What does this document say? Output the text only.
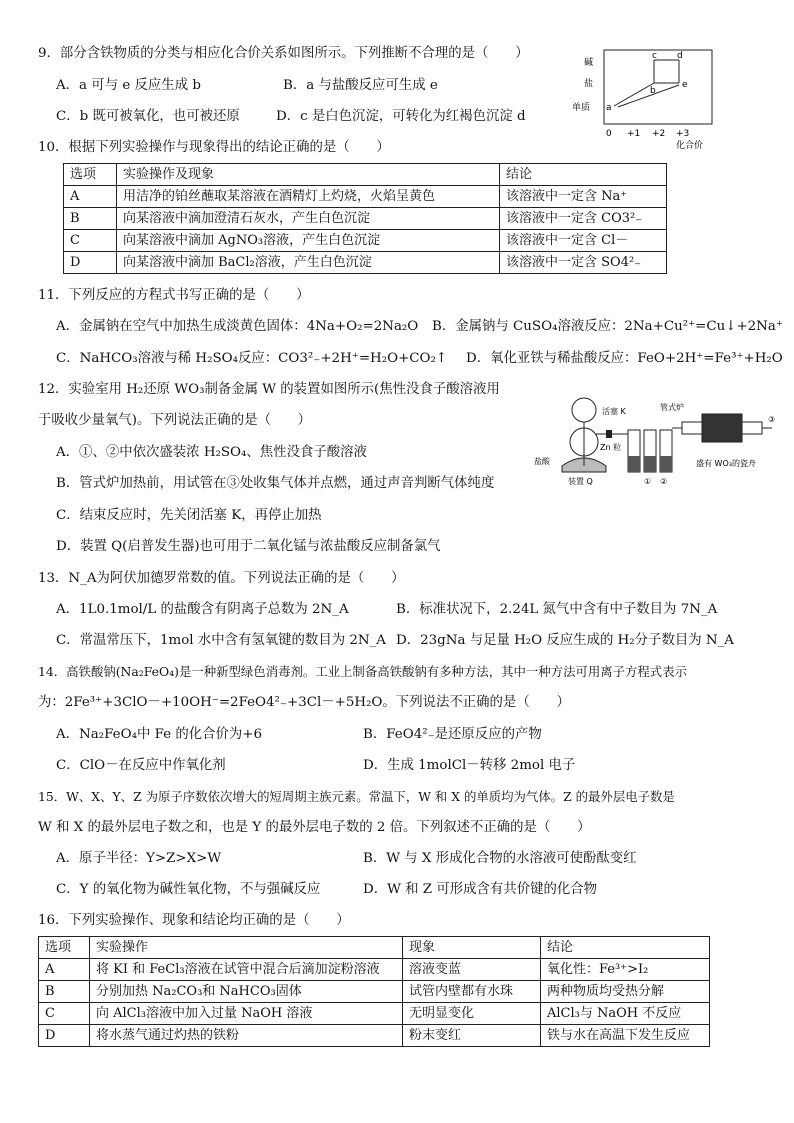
9．部分含铁物质的分类与相应化合价关系如图所示。下列推断不合理的是（　　）
A．a 可与 e 反应生成 b	B．a 与盐酸反应可生成 e
C．b 既可被氧化，也可被还原	D．c 是白色沉淀，可转化为红褐色沉淀 d
碱
盐
单质 a
b
c d
e
0 +1 +2 +3
化合价
10．根据下列实验操作与现象得出的结论正确的是（　　）
选项	实验操作及现象	结论
A	用洁净的铂丝蘸取某溶液在酒精灯上灼烧，火焰呈黄色	该溶液中一定含 Na⁺
B	向某溶液中滴加澄清石灰水，产生白色沉淀	该溶液中一定含 CO3²₋
C	向某溶液中滴加 AgNO₃溶液，产生白色沉淀	该溶液中一定含 Cl－
D	向某溶液中滴加 BaCl₂溶液，产生白色沉淀	该溶液中一定含 SO4²₋
11．下列反应的方程式书写正确的是（　　）
A．金属钠在空气中加热生成淡黄色固体：4Na+O₂=2Na₂O B．金属钠与 CuSO₄溶液反应：2Na+Cu²⁺=Cu↓+2Na⁺
C．NaHCO₃溶液与稀 H₂SO₄反应：CO3²₋+2H⁺=H₂O+CO₂↑ D．氧化亚铁与稀盐酸反应：FeO+2H⁺=Fe³⁺+H₂O
12．实验室用 H₂还原 WO₃制备金属 W 的装置如图所示(焦性没食子酸溶液用
于吸收少量氧气)。下列说法正确的是（　　）
A．①、②中依次盛装浓 H₂SO₄、焦性没食子酸溶液
B．管式炉加热前，用试管在③处收集气体并点燃，通过声音判断气体纯度
C．结束反应时，先关闭活塞 K，再停止加热
D．装置 Q(启普发生器)也可用于二氧化锰与浓盐酸反应制备氯气
管式炉
活塞 K
Zn 粒
盐酸
装置 Q	① ②
③
盛有 WO₃的瓷舟
13．N_A为阿伏加德罗常数的值。下列说法正确的是（　　）
A．1L0.1mol/L 的盐酸含有阴离子总数为 2N_A	B．标准状况下，2.24L 氮气中含有中子数目为 7N_A
C．常温常压下，1mol 水中含有氢氧键的数目为 2N_A D．23gNa 与足量 H₂O 反应生成的 H₂分子数目为 N_A
14．高铁酸钠(Na₂FeO₄)是一种新型绿色消毒剂。工业上制备高铁酸钠有多种方法，其中一种方法可用离子方程式表示
为：2Fe³⁺+3ClO－+10OH⁻=2FeO4²₋+3Cl－+5H₂O。下列说法不正确的是（　　）
A．Na₂FeO₄中 Fe 的化合价为+6	B．FeO4²₋是还原反应的产物
C．ClO－在反应中作氧化剂	D．生成 1molCl－转移 2mol 电子
15．W、X、Y、Z 为原子序数依次增大的短周期主族元素。常温下，W 和 X 的单质均为气体。Z 的最外层电子数是
W 和 X 的最外层电子数之和，也是 Y 的最外层电子数的 2 倍。下列叙述不正确的是（　　）
A．原子半径：Y>Z>X>W	B．W 与 X 形成化合物的水溶液可使酚酞变红
C．Y 的氧化物为碱性氧化物，不与强碱反应	D．W 和 Z 可形成含有共价键的化合物
16．下列实验操作、现象和结论均正确的是（　　）
选项	实验操作	现象	结论
A	将 KI 和 FeCl₃溶液在试管中混合后滴加淀粉溶液	溶液变蓝	氧化性：Fe³⁺>I₂
B	分别加热 Na₂CO₃和 NaHCO₃固体	试管内壁都有水珠	两种物质均受热分解
C	向 AlCl₃溶液中加入过量 NaOH 溶液	无明显变化	AlCl₃与 NaOH 不反应
D	将水蒸气通过灼热的铁粉	粉末变红	铁与水在高温下发生反应
